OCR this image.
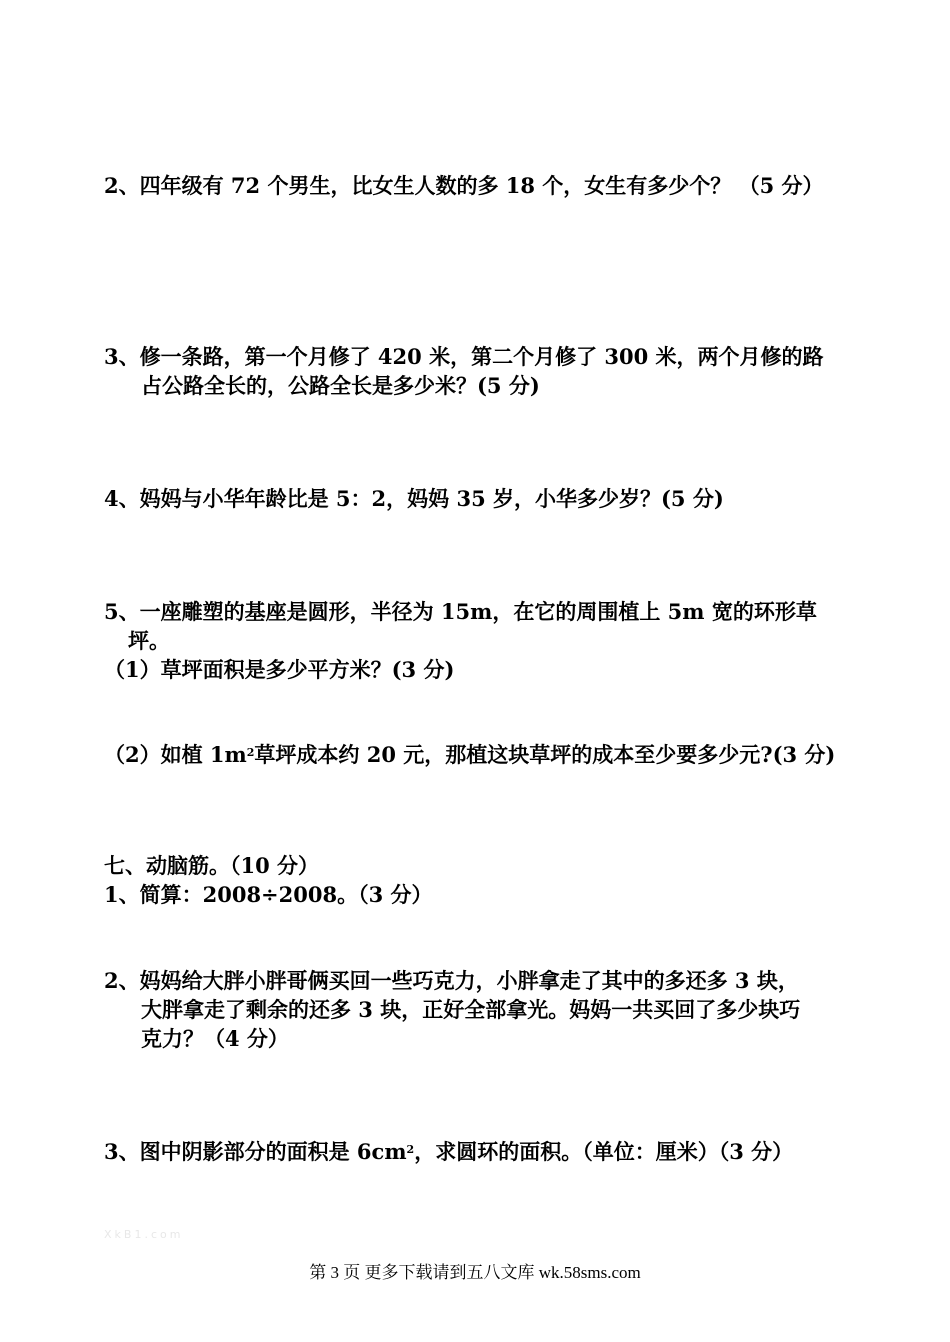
2、四年级有 72 个男生，比女生人数的多 18 个，女生有多少个？ （5 分）
3、修一条路，第一个月修了 420 米，第二个月修了 300 米，两个月修的路
占公路全长的，公路全长是多少米？(5 分)
4、妈妈与小华年龄比是 5：2，妈妈 35 岁，小华多少岁？(5 分)
5、一座雕塑的基座是圆形，半径为 15m，在它的周围植上 5m 宽的环形草
坪。
（1）草坪面积是多少平方米？(3 分)
（2）如植 $1m^2$草坪成本约 20 元，那植这块草坪的成本至少要多少元?(3 分)
七、动脑筋。（10 分）
1、简算：2008÷2008。（3 分）
2、妈妈给大胖小胖哥俩买回一些巧克力，小胖拿走了其中的多还多 3 块，
大胖拿走了剩余的还多 3 块，正好全部拿光。妈妈一共买回了多少块巧
克力？（4 分）
3、图中阴影部分的面积是 $6cm^2$，求圆环的面积。（单位：厘米）（3 分）
XkB1.com
第 3 页 更多下载请到五八文库 wk.58sms.com
